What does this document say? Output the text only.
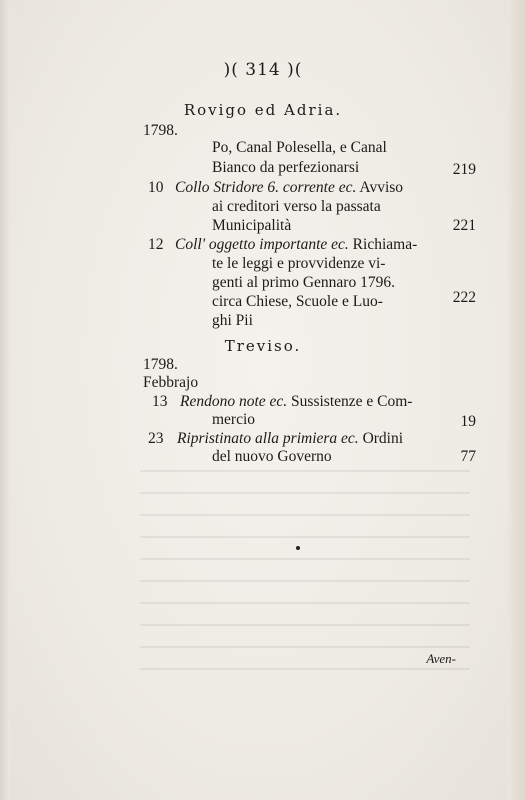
)( 314 )(
Rovigo ed Adria.
1798.
Po, Canal Polesella, e Canal
Bianco da perfezionarsi	219
10 Collo Stridore 6. corrente ec. Avviso
ai creditori verso la passata
Municipalità	221
12 Coll' oggetto importante ec. Richiama-
te le leggi e provvidenze vi-
genti al primo Gennaro 1796.
circa Chiese, Scuole e Luo-	222
ghi Pii
Treviso.
1798.
Febbrajo
13 Rendono note ec. Sussistenze e Com-
mercio	19
23 Ripristinato alla primiera ec. Ordini
del nuovo Governo	77
Aven-
